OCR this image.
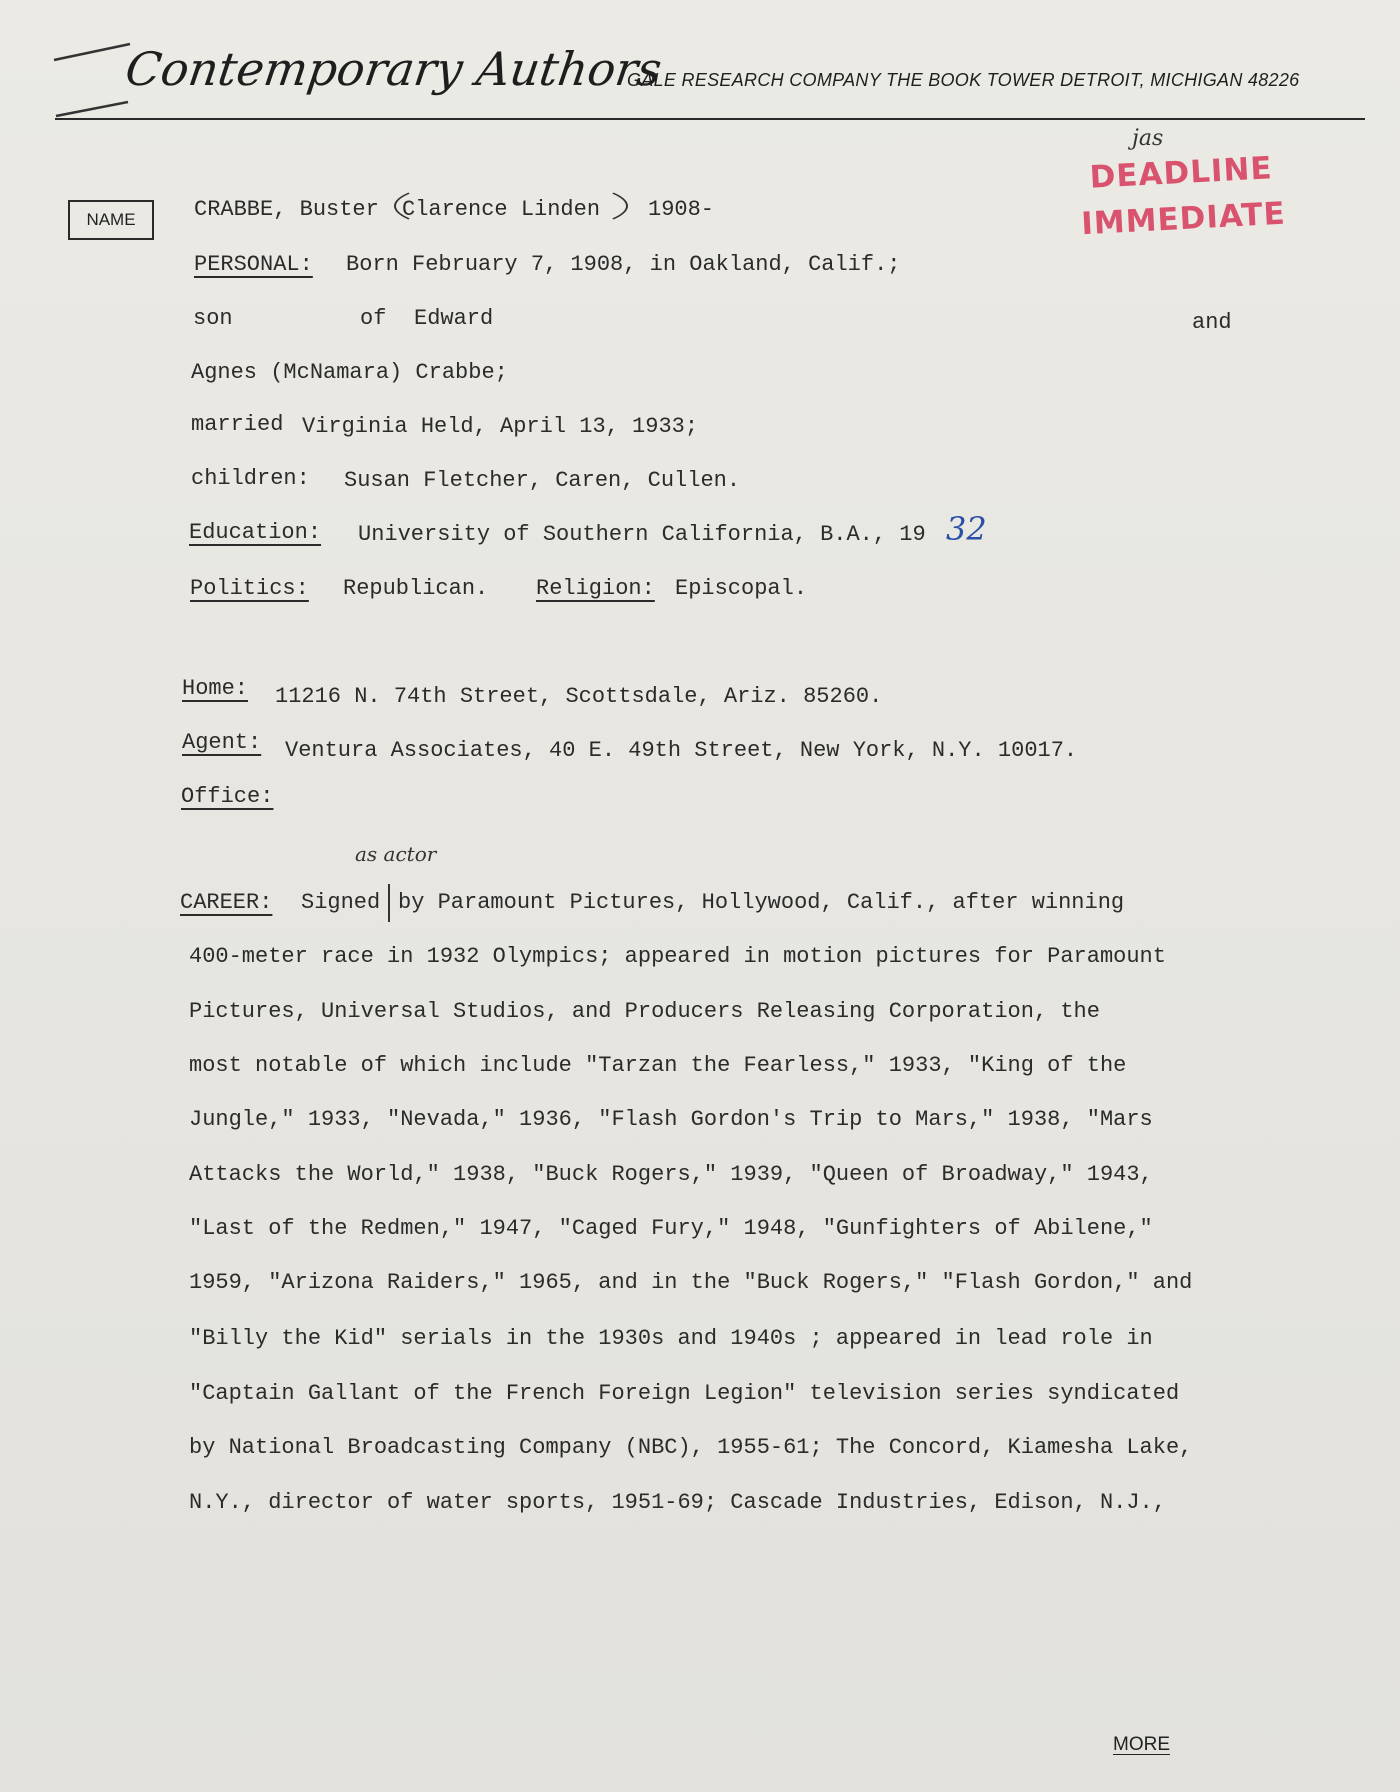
Contemporary Authors
GALE RESEARCH COMPANY THE BOOK TOWER DETROIT, MICHIGAN 48226
jas
DEADLINE
IMMEDIATE
NAME	CRABBE, Buster Clarence Linden 1908-
PERSONAL: Born February 7, 1908, in Oakland, Calif.;
son	of Edward	and
Agnes (McNamara) Crabbe;
married Virginia Held, April 13, 1933;
children: Susan Fletcher, Caren, Cullen.
Education: University of Southern California, B.A., 19 32
Politics: Republican. Religion: Episcopal.
Home: 11216 N. 74th Street, Scottsdale, Ariz. 85260.
Agent: Ventura Associates, 40 E. 49th Street, New York, N.Y. 10017.
Office:
as actor
CAREER: Signed by Paramount Pictures, Hollywood, Calif., after winning
400-meter race in 1932 Olympics; appeared in motion pictures for Paramount
Pictures, Universal Studios, and Producers Releasing Corporation, the
most notable of which include "Tarzan the Fearless," 1933, "King of the
Jungle," 1933, "Nevada," 1936, "Flash Gordon's Trip to Mars," 1938, "Mars
Attacks the World," 1938, "Buck Rogers," 1939, "Queen of Broadway," 1943,
"Last of the Redmen," 1947, "Caged Fury," 1948, "Gunfighters of Abilene,"
1959, "Arizona Raiders," 1965, and in the "Buck Rogers," "Flash Gordon," and
"Billy the Kid" serials in the 1930s and 1940s ; appeared in lead role in
"Captain Gallant of the French Foreign Legion" television series syndicated
by National Broadcasting Company (NBC), 1955-61; The Concord, Kiamesha Lake,
N.Y., director of water sports, 1951-69; Cascade Industries, Edison, N.J.,
MORE
